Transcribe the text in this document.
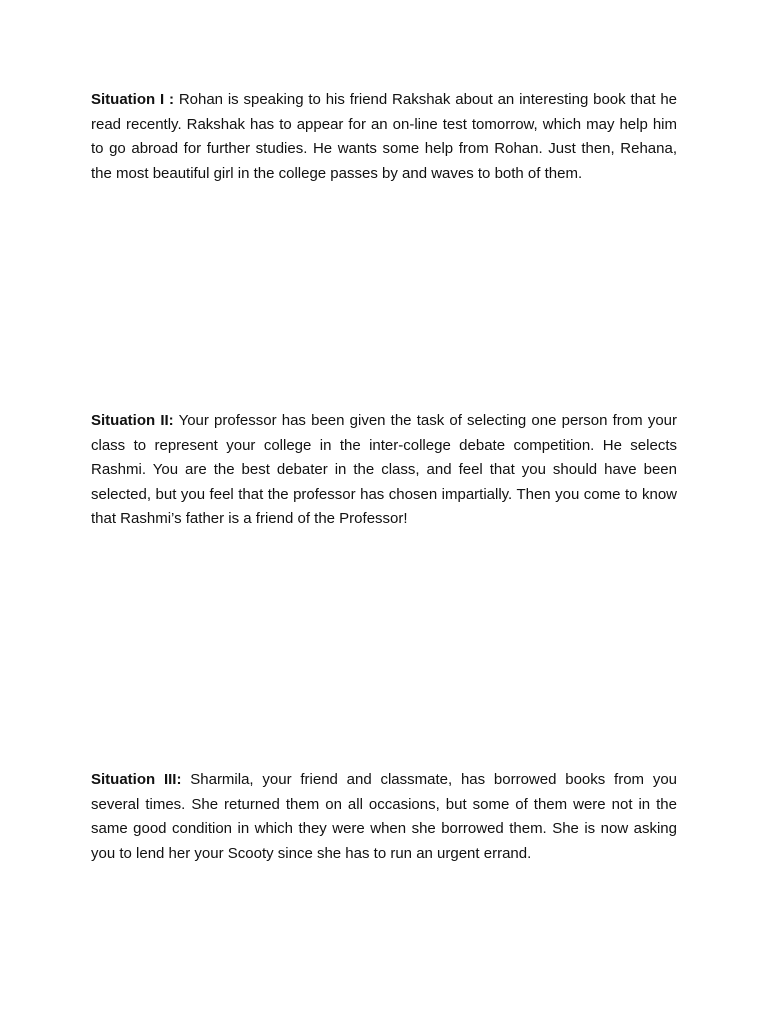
Situation I : Rohan is speaking to his friend Rakshak about an interesting book that he read recently. Rakshak has to appear for an on-line test tomorrow, which may help him to go abroad for further studies. He wants some help from Rohan. Just then, Rehana, the most beautiful girl in the college passes by and waves to both of them.

Situation II: Your professor has been given the task of selecting one person from your class to represent your college in the inter-college debate competition. He selects Rashmi. You are the best debater in the class, and feel that you should have been selected, but you feel that the professor has chosen impartially. Then you come to know that Rashmi’s father is a friend of the Professor!

Situation III: Sharmila, your friend and classmate, has borrowed books from you several times. She returned them on all occasions, but some of them were not in the same good condition in which they were when she borrowed them. She is now asking you to lend her your Scooty since she has to run an urgent errand.
